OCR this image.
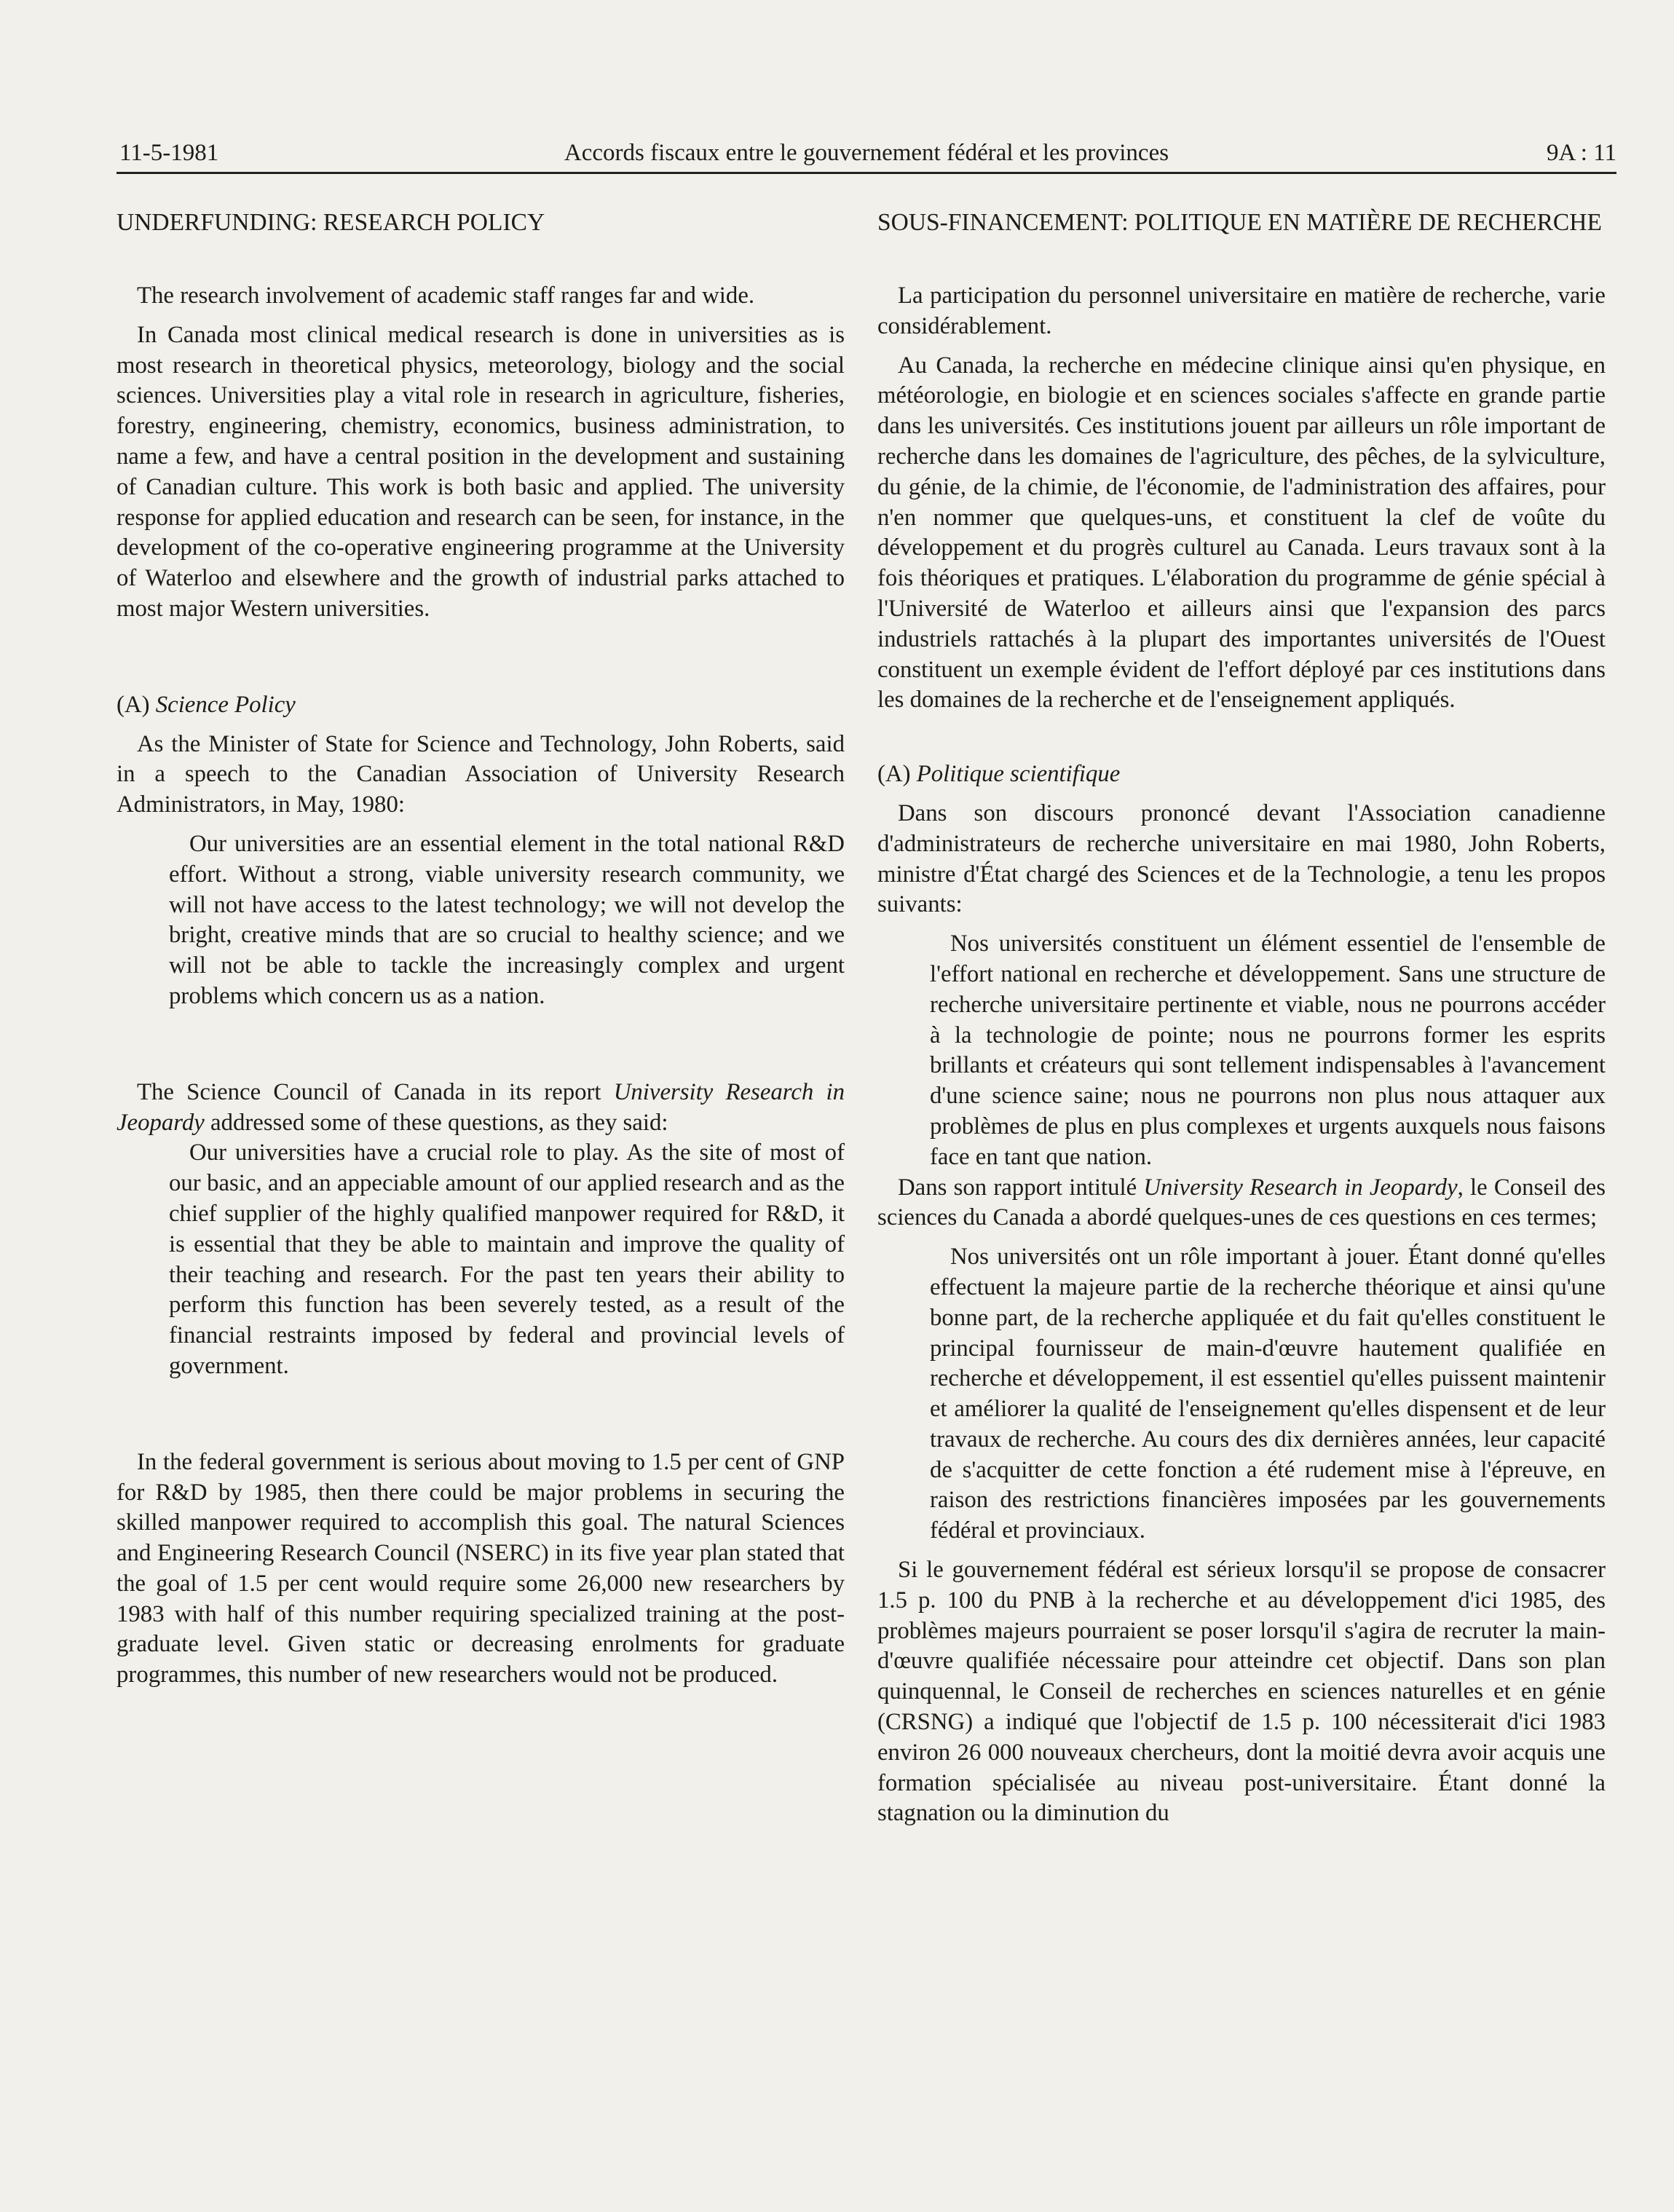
11-5-1981	Accords fiscaux entre le gouvernement fédéral et les provinces	9A : 11
UNDERFUNDING: RESEARCH POLICY

The research involvement of academic staff ranges far and wide.

In Canada most clinical medical research is done in universities as is most research in theoretical physics, meteorology, biology and the social sciences. Universities play a vital role in research in agriculture, fisheries, forestry, engineering, chemistry, economics, business administration, to name a few, and have a central position in the development and sustaining of Canadian culture. This work is both basic and applied. The university response for applied education and research can be seen, for instance, in the development of the co-operative engineering programme at the University of Waterloo and elsewhere and the growth of industrial parks attached to most major Western universities.

(A) Science Policy

As the Minister of State for Science and Technology, John Roberts, said in a speech to the Canadian Association of University Research Administrators, in May, 1980:

Our universities are an essential element in the total national R&D effort. Without a strong, viable university research community, we will not have access to the latest technology; we will not develop the bright, creative minds that are so crucial to healthy science; and we will not be able to tackle the increasingly complex and urgent problems which concern us as a nation.

The Science Council of Canada in its report University Research in Jeopardy addressed some of these questions, as they said:

Our universities have a crucial role to play. As the site of most of our basic, and an appeciable amount of our applied research and as the chief supplier of the highly qualified manpower required for R&D, it is essential that they be able to maintain and improve the quality of their teaching and research. For the past ten years their ability to perform this function has been severely tested, as a result of the financial restraints imposed by federal and provincial levels of government.

In the federal government is serious about moving to 1.5 per cent of GNP for R&D by 1985, then there could be major problems in securing the skilled manpower required to accomplish this goal. The natural Sciences and Engineering Research Council (NSERC) in its five year plan stated that the goal of 1.5 per cent would require some 26,000 new researchers by 1983 with half of this number requiring specialized training at the post-graduate level. Given static or decreasing enrolments for graduate programmes, this number of new researchers would not be produced.

SOUS-FINANCEMENT: POLITIQUE EN MATIÈRE DE RECHERCHE

La participation du personnel universitaire en matière de recherche, varie considérablement.

Au Canada, la recherche en médecine clinique ainsi qu'en physique, en météorologie, en biologie et en sciences sociales s'affecte en grande partie dans les universités. Ces institutions jouent par ailleurs un rôle important de recherche dans les domaines de l'agriculture, des pêches, de la sylviculture, du génie, de la chimie, de l'économie, de l'administration des affaires, pour n'en nommer que quelques-uns, et constituent la clef de voûte du développement et du progrès culturel au Canada. Leurs travaux sont à la fois théoriques et pratiques. L'élaboration du programme de génie spécial à l'Université de Waterloo et ailleurs ainsi que l'expansion des parcs industriels rattachés à la plupart des importantes universités de l'Ouest constituent un exemple évident de l'effort déployé par ces institutions dans les domaines de la recherche et de l'enseignement appliqués.

(A) Politique scientifique

Dans son discours prononcé devant l'Association canadienne d'administrateurs de recherche universitaire en mai 1980, John Roberts, ministre d'État chargé des Sciences et de la Technologie, a tenu les propos suivants:

Nos universités constituent un élément essentiel de l'ensemble de l'effort national en recherche et développement. Sans une structure de recherche universitaire pertinente et viable, nous ne pourrons accéder à la technologie de pointe; nous ne pourrons former les esprits brillants et créateurs qui sont tellement indispensables à l'avancement d'une science saine; nous ne pourrons non plus nous attaquer aux problèmes de plus en plus complexes et urgents auxquels nous faisons face en tant que nation.

Dans son rapport intitulé University Research in Jeopardy, le Conseil des sciences du Canada a abordé quelques-unes de ces questions en ces termes;

Nos universités ont un rôle important à jouer. Étant donné qu'elles effectuent la majeure partie de la recherche théorique et ainsi qu'une bonne part, de la recherche appliquée et du fait qu'elles constituent le principal fournisseur de main-d'œuvre hautement qualifiée en recherche et développement, il est essentiel qu'elles puissent maintenir et améliorer la qualité de l'enseignement qu'elles dispensent et de leur travaux de recherche. Au cours des dix dernières années, leur capacité de s'acquitter de cette fonction a été rudement mise à l'épreuve, en raison des restrictions financières imposées par les gouvernements fédéral et provinciaux.

Si le gouvernement fédéral est sérieux lorsqu'il se propose de consacrer 1.5 p. 100 du PNB à la recherche et au développement d'ici 1985, des problèmes majeurs pourraient se poser lorsqu'il s'agira de recruter la main-d'œuvre qualifiée nécessaire pour atteindre cet objectif. Dans son plan quinquennal, le Conseil de recherches en sciences naturelles et en génie (CRSNG) a indiqué que l'objectif de 1.5 p. 100 nécessiterait d'ici 1983 environ 26 000 nouveaux chercheurs, dont la moitié devra avoir acquis une formation spécialisée au niveau post-universitaire. Étant donné la stagnation ou la diminution du
